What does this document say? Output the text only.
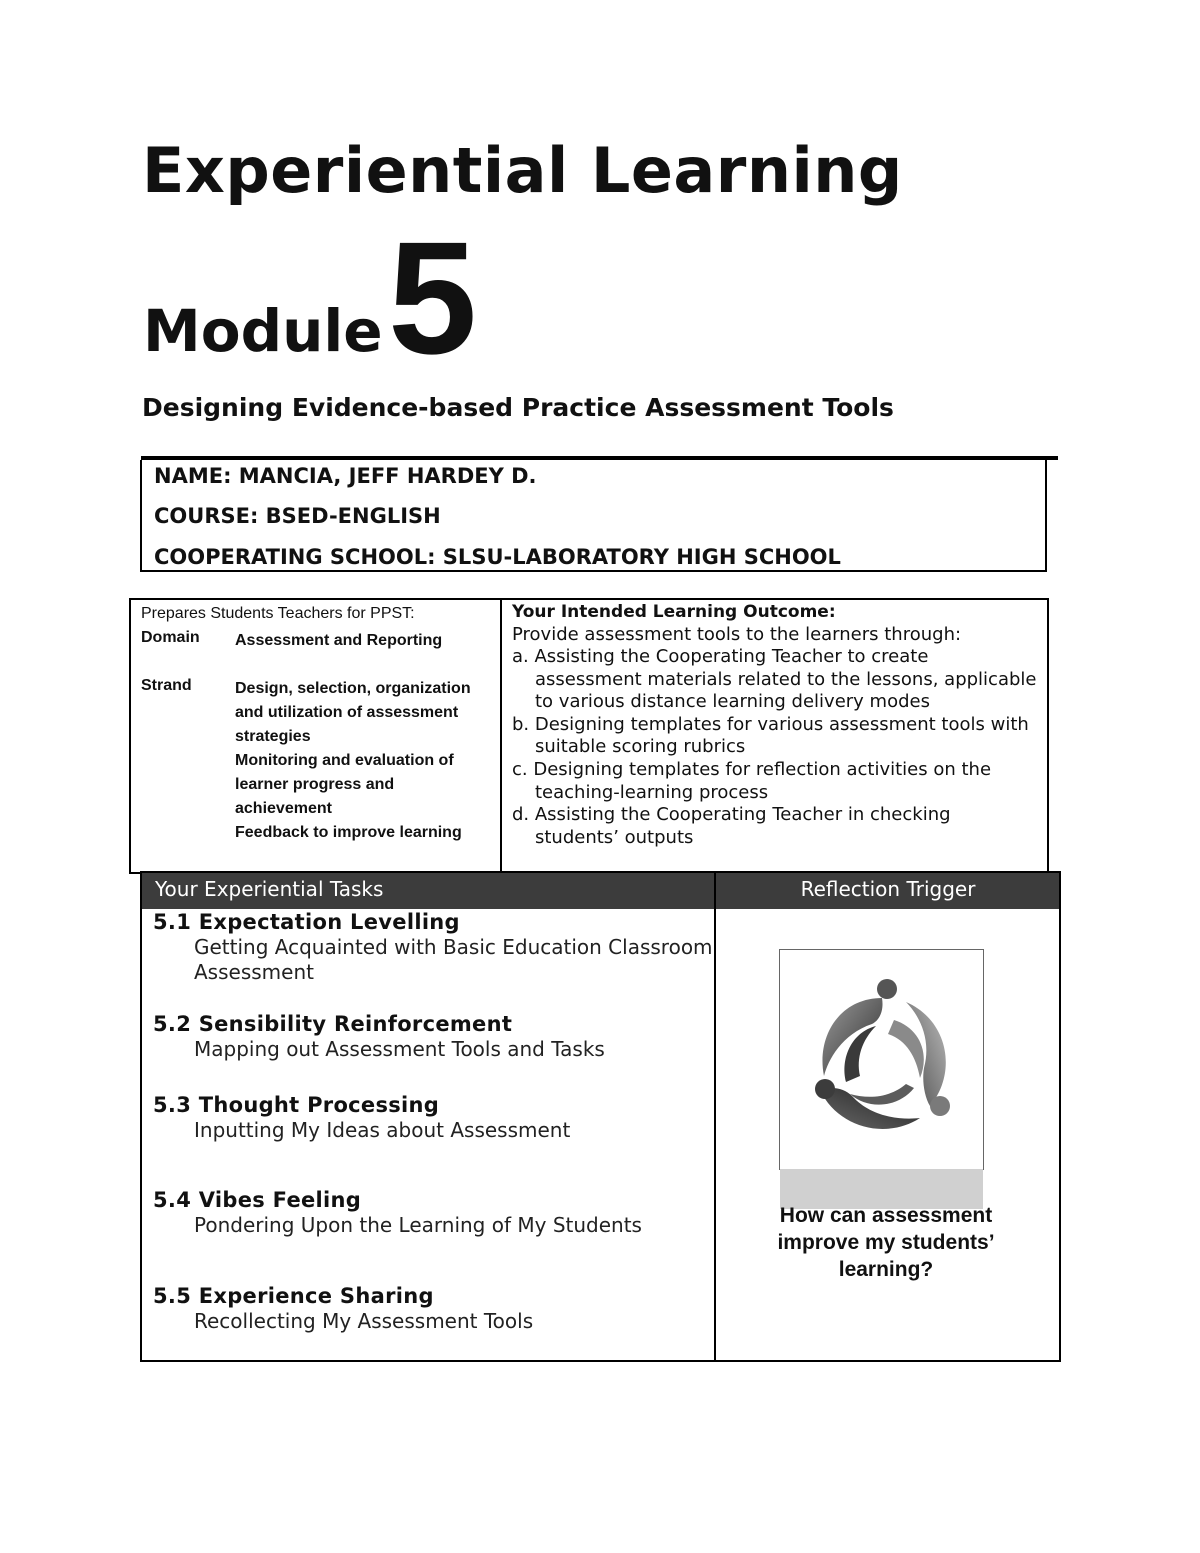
Experiential Learning
Module 5
Designing Evidence-based Practice Assessment Tools
NAME: MANCIA, JEFF HARDEY D.
COURSE: BSED-ENGLISH
COOPERATING SCHOOL: SLSU-LABORATORY HIGH SCHOOL
Prepares Students Teachers for PPST:
Domain	Assessment and Reporting
Strand	Design, selection, organization and utilization of assessment strategies
Monitoring and evaluation of learner progress and achievement
Feedback to improve learning
Your Intended Learning Outcome:
Provide assessment tools to the learners through:
a. Assisting the Cooperating Teacher to create assessment materials related to the lessons, applicable to various distance learning delivery modes
b. Designing templates for various assessment tools with suitable scoring rubrics
c. Designing templates for reflection activities on the teaching-learning process
d. Assisting the Cooperating Teacher in checking students’ outputs
Your Experiential Tasks	Reflection Trigger
5.1 Expectation Levelling
Getting Acquainted with Basic Education Classroom Assessment
5.2 Sensibility Reinforcement
Mapping out Assessment Tools and Tasks
5.3 Thought Processing
Inputting My Ideas about Assessment
5.4 Vibes Feeling
Pondering Upon the Learning of My Students
5.5 Experience Sharing
Recollecting My Assessment Tools
How can assessment improve my students’ learning?
